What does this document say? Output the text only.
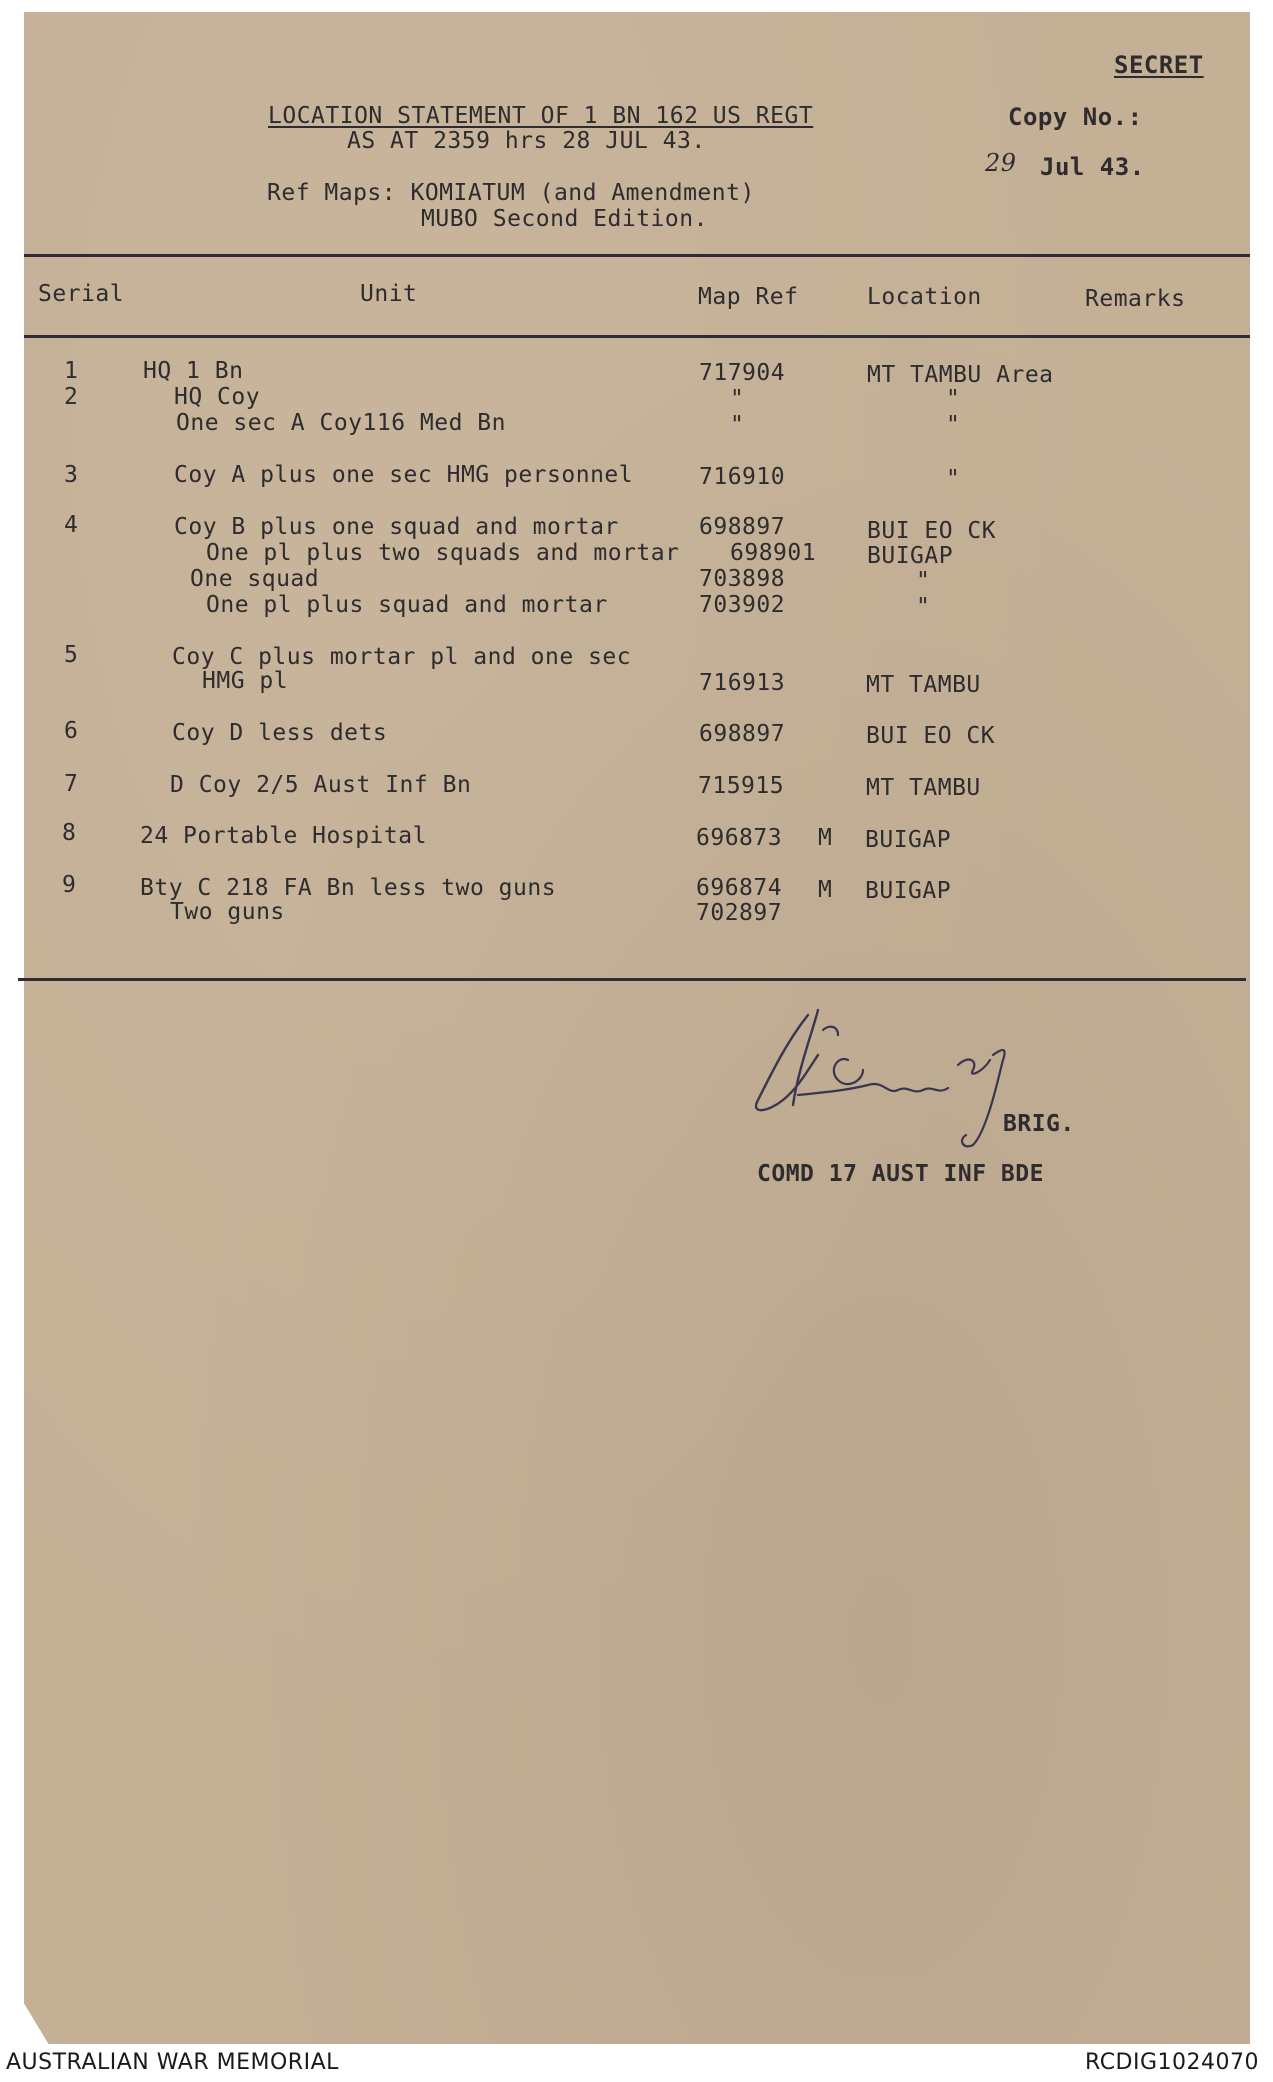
SECRET
LOCATION STATEMENT OF 1 BN 162 US REGT
AS AT 2359 hrs 28 JUL 43.
Copy No.:
29 Jul 43.
Ref Maps: KOMIATUM (and Amendment)
MUBO Second Edition.
Serial	Unit	Map Ref	Location	Remarks
1	HQ 1 Bn	717904	MT TAMBU Area
2	HQ Coy	"	"
One sec A Coy116 Med Bn	"	"
3	Coy A plus one sec HMG personnel	716910	"
4	Coy B plus one squad and mortar	698897	BUI EO CK
One pl plus two squads and mortar 698901 BUIGAP
One squad	703898	"
One pl plus squad and mortar	703902	"
5	Coy C plus mortar pl and one sec
HMG pl	716913	MT TAMBU
6	Coy D less dets	698897	BUI EO CK
7	D Coy 2/5 Aust Inf Bn	715915	MT TAMBU
8	24 Portable Hospital	696873 M BUIGAP
9	Bty C 218 FA Bn less two guns	696874 M BUIGAP
Two guns	702897
BRIG.
COMD 17 AUST INF BDE
AUSTRALIAN WAR MEMORIAL	RCDIG1024070
